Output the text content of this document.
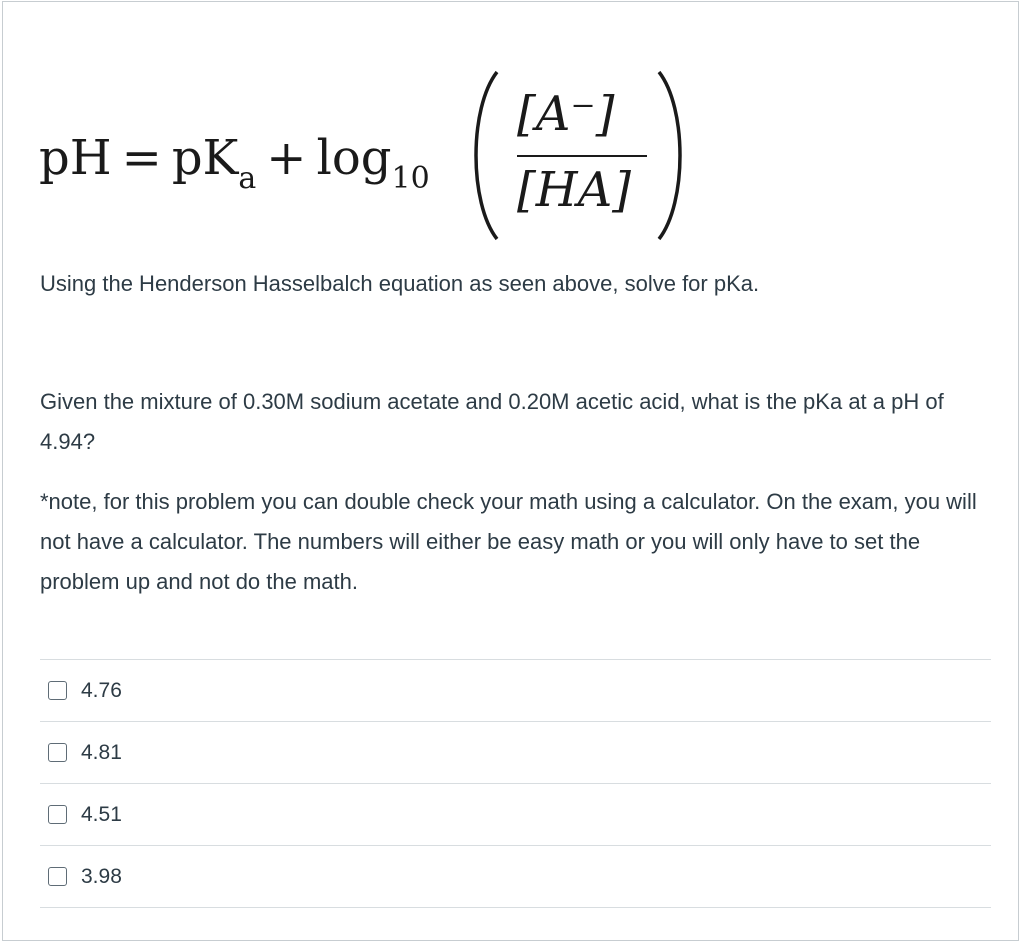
pH = $pK_a + \log_{10}$
[A⁻]
[HA]
Using the Henderson Hasselbalch equation as seen above, solve for pKa.
Given the mixture of 0.30M sodium acetate and 0.20M acetic acid, what is the pKa at a pH of 4.94?
*note, for this problem you can double check your math using a calculator. On the exam, you will not have a calculator. The numbers will either be easy math or you will only have to set the problem up and not do the math.
4.76
4.81
4.51
3.98
